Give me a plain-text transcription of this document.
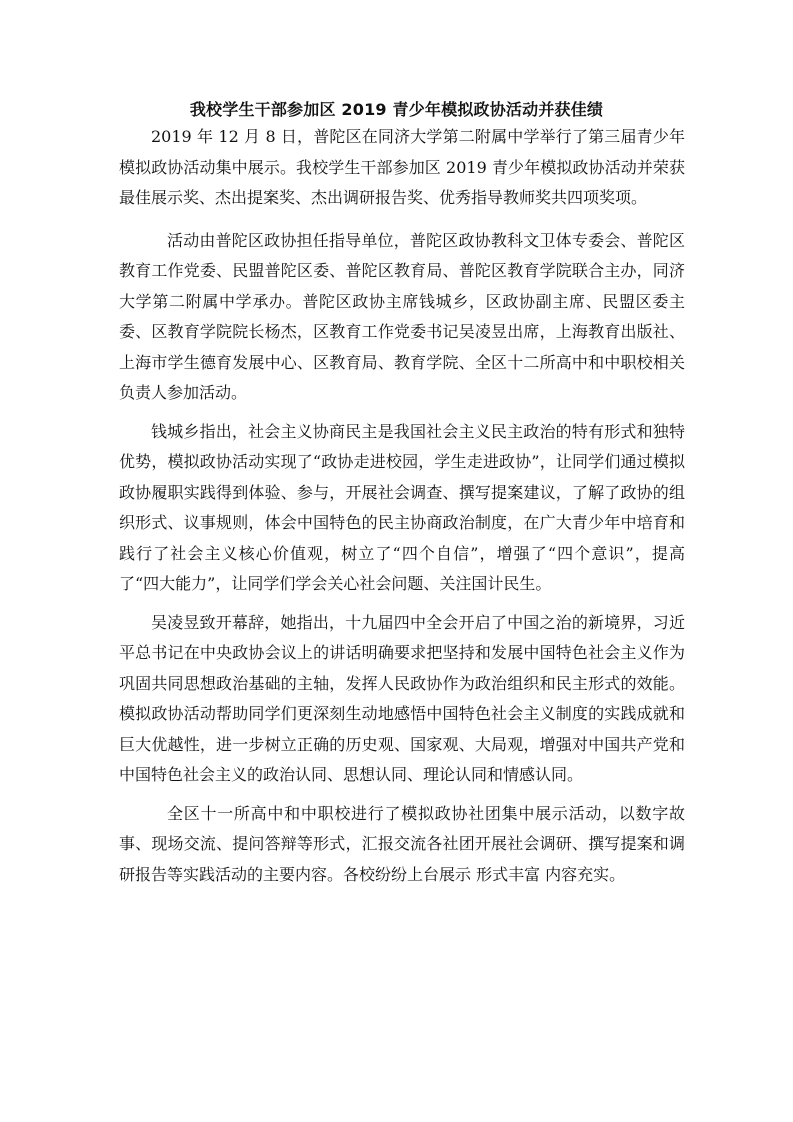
我校学生干部参加区 2019 青少年模拟政协活动并获佳绩

2019 年 12 月 8 日，普陀区在同济大学第二附属中学举行了第三届青少年模拟政协活动集中展示。我校学生干部参加区 2019 青少年模拟政协活动并荣获最佳展示奖、杰出提案奖、杰出调研报告奖、优秀指导教师奖共四项奖项。

活动由普陀区政协担任指导单位，普陀区政协教科文卫体专委会、普陀区教育工作党委、民盟普陀区委、普陀区教育局、普陀区教育学院联合主办，同济大学第二附属中学承办。普陀区政协主席钱城乡，区政协副主席、民盟区委主委、区教育学院院长杨杰，区教育工作党委书记吴凌昱出席，上海教育出版社、上海市学生德育发展中心、区教育局、教育学院、全区十二所高中和中职校相关负责人参加活动。

钱城乡指出，社会主义协商民主是我国社会主义民主政治的特有形式和独特优势，模拟政协活动实现了“政协走进校园，学生走进政协”，让同学们通过模拟政协履职实践得到体验、参与，开展社会调查、撰写提案建议，了解了政协的组织形式、议事规则，体会中国特色的民主协商政治制度，在广大青少年中培育和践行了社会主义核心价值观，树立了“四个自信”，增强了“四个意识”，提高了“四大能力”，让同学们学会关心社会问题、关注国计民生。

吴凌昱致开幕辞，她指出，十九届四中全会开启了中国之治的新境界，习近平总书记在中央政协会议上的讲话明确要求把坚持和发展中国特色社会主义作为巩固共同思想政治基础的主轴，发挥人民政协作为政治组织和民主形式的效能。模拟政协活动帮助同学们更深刻生动地感悟中国特色社会主义制度的实践成就和巨大优越性，进一步树立正确的历史观、国家观、大局观，增强对中国共产党和中国特色社会主义的政治认同、思想认同、理论认同和情感认同。

全区十一所高中和中职校进行了模拟政协社团集中展示活动，以数字故事、现场交流、提问答辩等形式，汇报交流各社团开展社会调研、撰写提案和调研报告等实践活动的主要内容。各校纷纷上台展示 形式丰富 内容充实。
